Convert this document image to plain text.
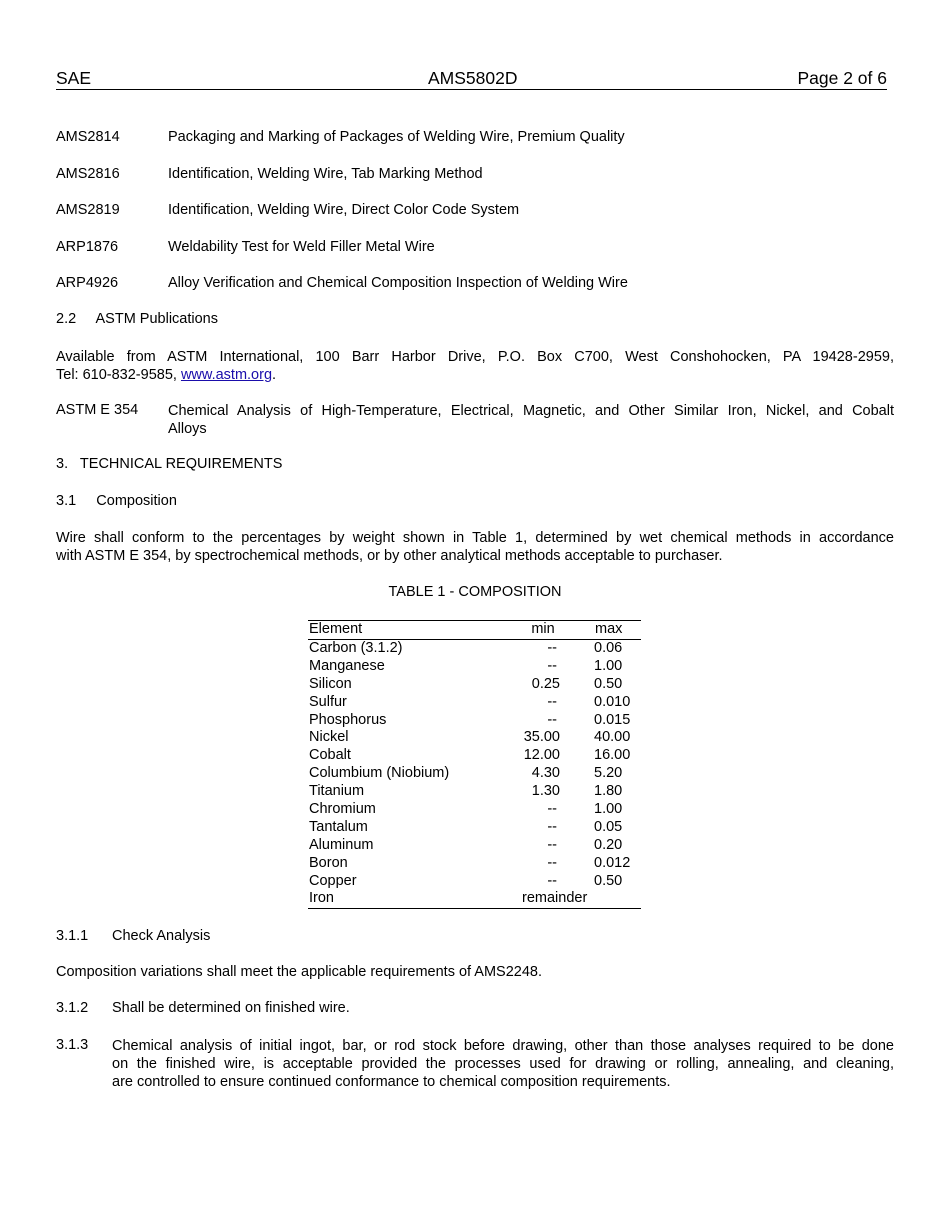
SAE	AMS5802D	Page 2 of 6
AMS2814	Packaging and Marking of Packages of Welding Wire, Premium Quality
AMS2816	Identification, Welding Wire, Tab Marking Method
AMS2819	Identification, Welding Wire, Direct Color Code System
ARP1876	Weldability Test for Weld Filler Metal Wire
ARP4926	Alloy Verification and Chemical Composition Inspection of Welding Wire
2.2     ASTM Publications
Available from ASTM International, 100 Barr Harbor Drive, P.O. Box C700, West Conshohocken, PA 19428-2959,
Tel: 610-832-9585, www.astm.org.
ASTM E 354 Chemical Analysis of High-Temperature, Electrical, Magnetic, and Other Similar Iron, Nickel, and Cobalt
Alloys
3.   TECHNICAL REQUIREMENTS
3.1     Composition
Wire shall conform to the percentages by weight shown in Table 1, determined by wet chemical methods in accordance
with ASTM E 354, by spectrochemical methods, or by other analytical methods acceptable to purchaser.
TABLE 1 - COMPOSITION
Element	min	max
Carbon (3.1.2)	--	0.06
Manganese	--	1.00
Silicon	0.25 0.50
Sulfur	--	0.010
Phosphorus	--	0.015
Nickel	35.00 40.00
Cobalt	12.00 16.00
Columbium (Niobium)	4.30 5.20
Titanium	1.30 1.80
Chromium	--	1.00
Tantalum	--	0.05
Aluminum	--	0.20
Boron	--	0.012
Copper	--	0.50
Iron	remainder
3.1.1 Check Analysis
Composition variations shall meet the applicable requirements of AMS2248.
3.1.2 Shall be determined on finished wire.
3.1.3 Chemical analysis of initial ingot, bar, or rod stock before drawing, other than those analyses required to be done
on the finished wire, is acceptable provided the processes used for drawing or rolling, annealing, and cleaning,
are controlled to ensure continued conformance to chemical composition requirements.
